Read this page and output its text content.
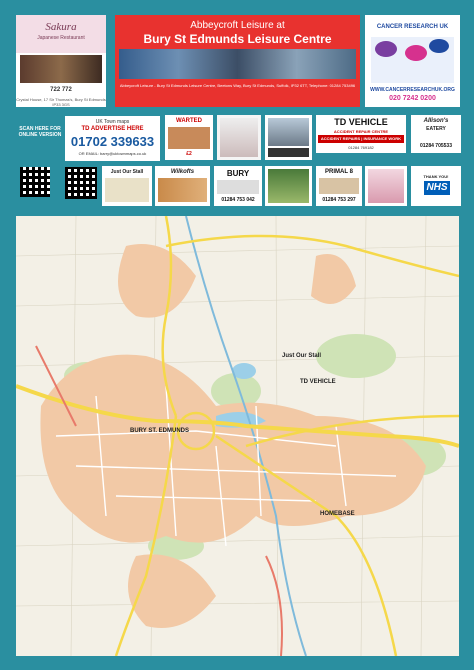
Sakura
Japanese Restaurant
722 772
Crystal House, 17 Sir Thomas's, Bury St Edmunds IP33 3GS
Abbeycroft Leisure at
Bury St Edmunds Leisure Centre
Abbeycroft Leisure - Bury St Edmunds Leisure Centre, Beetons Way, Bury St Edmunds, Suffolk, IP32 6TT, Telephone: 01284 753496
CANCER RESEARCH UK
WWW.CANCERRESEARCHUK.ORG
020 7242 0200
SCAN HERE FOR ONLINE VERSION
UK Town maps
TD ADVERTISE HERE
01702 339633
OR EMAIL: barry@uktownmaps.co.uk
WARTED
£2
TD VEHICLE
ACCIDENT REPAIR CENTRE
ACCIDENT REPAIRS | INSURANCE WORK
01284 769182
Allison's
EATERY
01284 705533
Just Our Stall	Wilkofts	BURY
01284 753 042
PRIMAL 8
01284 753 297
THANK YOU!
NHS
Just Our Stall
TD VEHICLE
HOMEBASE
BURY ST. EDMUNDS
